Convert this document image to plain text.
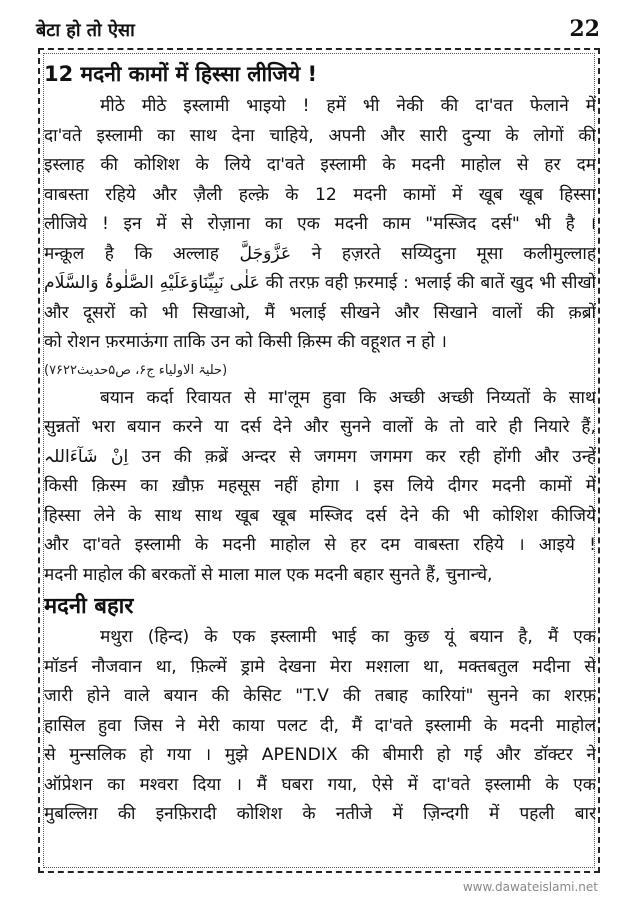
बेटा हो तो ऐसा	22
12 मदनी कामों में हिस्सा लीजिये !
मीठे मीठे इस्लामी भाइयो ! हमें भी नेकी की दा'वत फेलाने में
दा'वते इस्लामी का साथ देना चाहिये, अपनी और सारी दुन्या के लोगों की
इस्लाह की कोशिश के लिये दा'वते इस्लामी के मदनी माहोल से हर दम
वाबस्ता रहिये और ज़ैली हल्क़े के 12 मदनी कामों में खूब खूब हिस्सा
लीजिये ! इन में से रोज़ाना का एक मदनी काम "मस्जिद दर्स" भी है ।
मन्क़ूल है कि अल्लाह عَزَّوَجَلَّ ने हज़रते सय्यिदुना मूसा कलीमुल्लाह
عَلٰی نَبِیِّنَاوَعَلَیْهِ الصَّلٰوۃُ وَالسَّلَام की तरफ़ वही फ़रमाई : भलाई की बातें खुद भी सीखो
और दूसरों को भी सिखाओ, मैं भलाई सीखने और सिखाने वालों की क़ब्रों
को रोशन फ़रमाऊंगा ताकि उन को किसी क़िस्म की वहूशत न हो ।
(حلیۃ الاولیاء ج۶، ص۵حدیث۷۶۲۲)
बयान कर्दा रिवायत से मा'लूम हुवा कि अच्छी अच्छी निय्यतों के साथ
सुन्नतों भरा बयान करने या दर्स देने और सुनने वालों के तो वारे ही नियारे हैं,
اِنْ شَآءَاللہ उन की क़ब्रें अन्दर से जगमग जगमग कर रही होंगी और उन्हें
किसी क़िस्म का ख़ौफ़ महसूस नहीं होगा । इस लिये दीगर मदनी कामों में
हिस्सा लेने के साथ साथ खूब खूब मस्जिद दर्स देने की भी कोशिश कीजिये
और दा'वते इस्लामी के मदनी माहोल से हर दम वाबस्ता रहिये । आइये !
मदनी माहोल की बरकतों से माला माल एक मदनी बहार सुनते हैं, चुनान्चे,
मदनी बहार
मथुरा (हिन्द) के एक इस्लामी भाई का कुछ यूं बयान है, मैं एक
मॉडर्न नौजवान था, फ़िल्में ड्रामे देखना मेरा मश्ग़ला था, मक्तबतुल मदीना से
जारी होने वाले बयान की केसिट "T.V की तबाह कारियां" सुनने का शरफ़
हासिल हुवा जिस ने मेरी काया पलट दी, मैं दा'वते इस्लामी के मदनी माहोल
से मुन्सलिक हो गया । मुझे APENDIX की बीमारी हो गई और डॉक्टर ने
ऑप्रेशन का मश्वरा दिया । मैं घबरा गया, ऐसे में दा'वते इस्लामी के एक
मुबल्लिग़ की इनफ़िरादी कोशिश के नतीजे में ज़िन्दगी में पहली बार
www.dawateislami.net
